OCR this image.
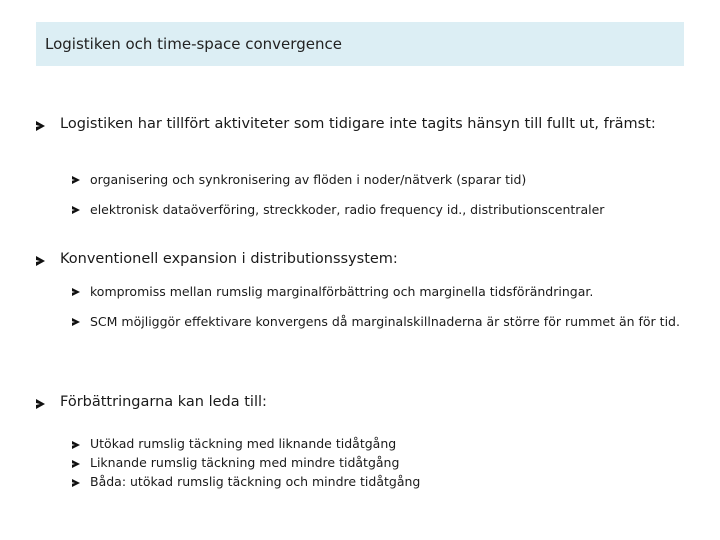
Logistiken och time-space convergence
Logistiken har tillfört aktiviteter som tidigare inte tagits hänsyn till fullt ut, främst:
organisering och synkronisering av flöden i noder/nätverk (sparar tid)
elektronisk dataöverföring, streckkoder, radio frequency id., distributionscentraler
Konventionell expansion i distributionssystem:
kompromiss mellan rumslig marginalförbättring och marginella tidsförändringar.
SCM möjliggör effektivare konvergens då marginalskillnaderna är större för rummet än för tid.
Förbättringarna kan leda till:
Utökad rumslig täckning med liknande tidåtgång
Liknande rumslig täckning med mindre tidåtgång
Båda: utökad rumslig täckning och mindre tidåtgång
